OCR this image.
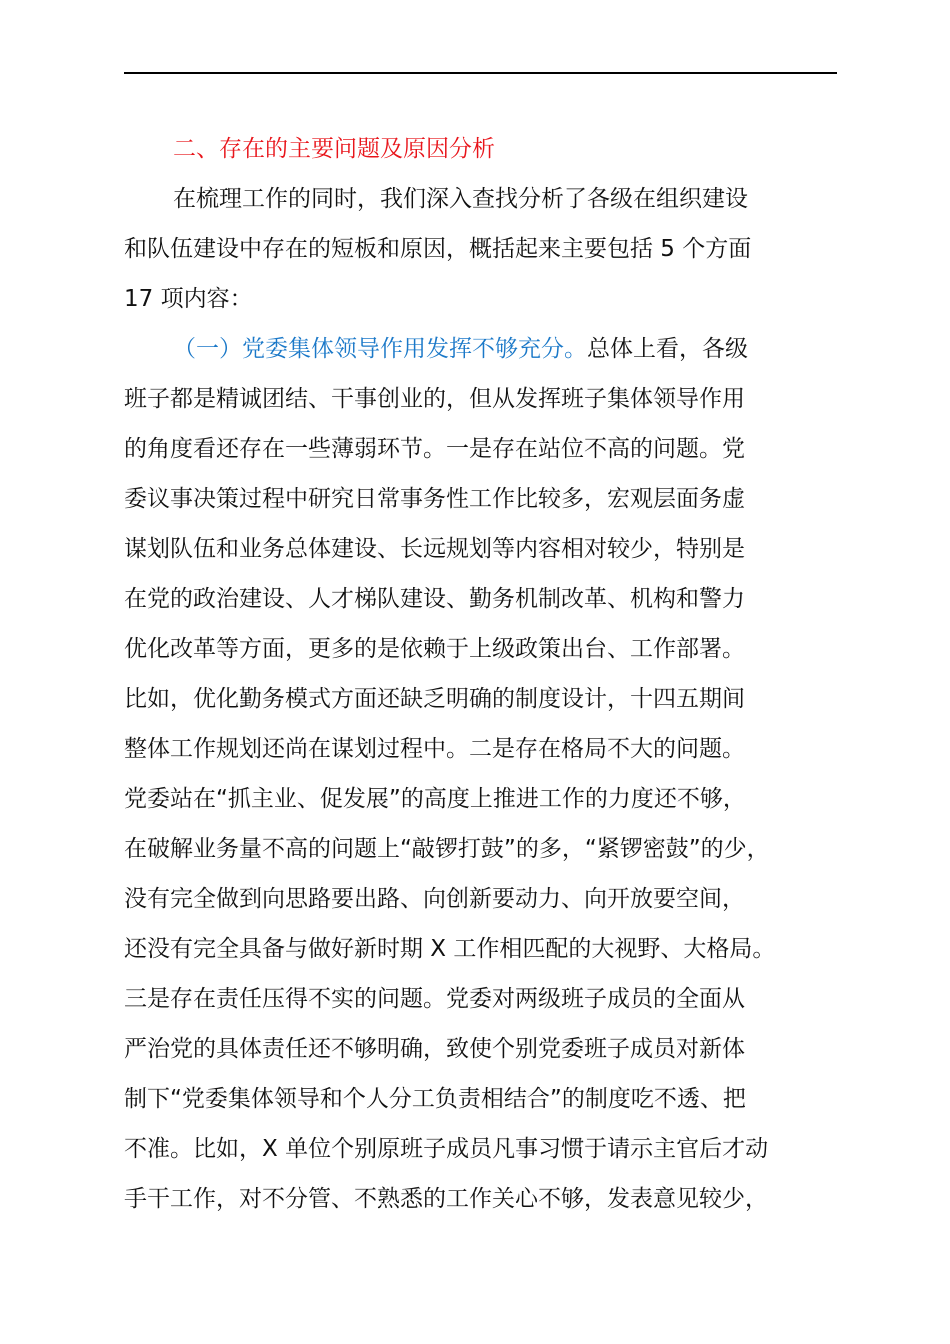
二、存在的主要问题及原因分析
在梳理工作的同时，我们深入查找分析了各级在组织建设
和队伍建设中存在的短板和原因，概括起来主要包括 5 个方面
17 项内容：
（一）党委集体领导作用发挥不够充分。总体上看，各级
班子都是精诚团结、干事创业的，但从发挥班子集体领导作用
的角度看还存在一些薄弱环节。一是存在站位不高的问题。党
委议事决策过程中研究日常事务性工作比较多，宏观层面务虚
谋划队伍和业务总体建设、长远规划等内容相对较少，特别是
在党的政治建设、人才梯队建设、勤务机制改革、机构和警力
优化改革等方面，更多的是依赖于上级政策出台、工作部署。
比如，优化勤务模式方面还缺乏明确的制度设计，十四五期间
整体工作规划还尚在谋划过程中。二是存在格局不大的问题。
党委站在“抓主业、促发展”的高度上推进工作的力度还不够，
在破解业务量不高的问题上“敲锣打鼓”的多，“紧锣密鼓”的少，
没有完全做到向思路要出路、向创新要动力、向开放要空间，
还没有完全具备与做好新时期 X 工作相匹配的大视野、大格局。
三是存在责任压得不实的问题。党委对两级班子成员的全面从
严治党的具体责任还不够明确，致使个别党委班子成员对新体
制下“党委集体领导和个人分工负责相结合”的制度吃不透、把
不准。比如，X 单位个别原班子成员凡事习惯于请示主官后才动
手干工作，对不分管、不熟悉的工作关心不够，发表意见较少，
